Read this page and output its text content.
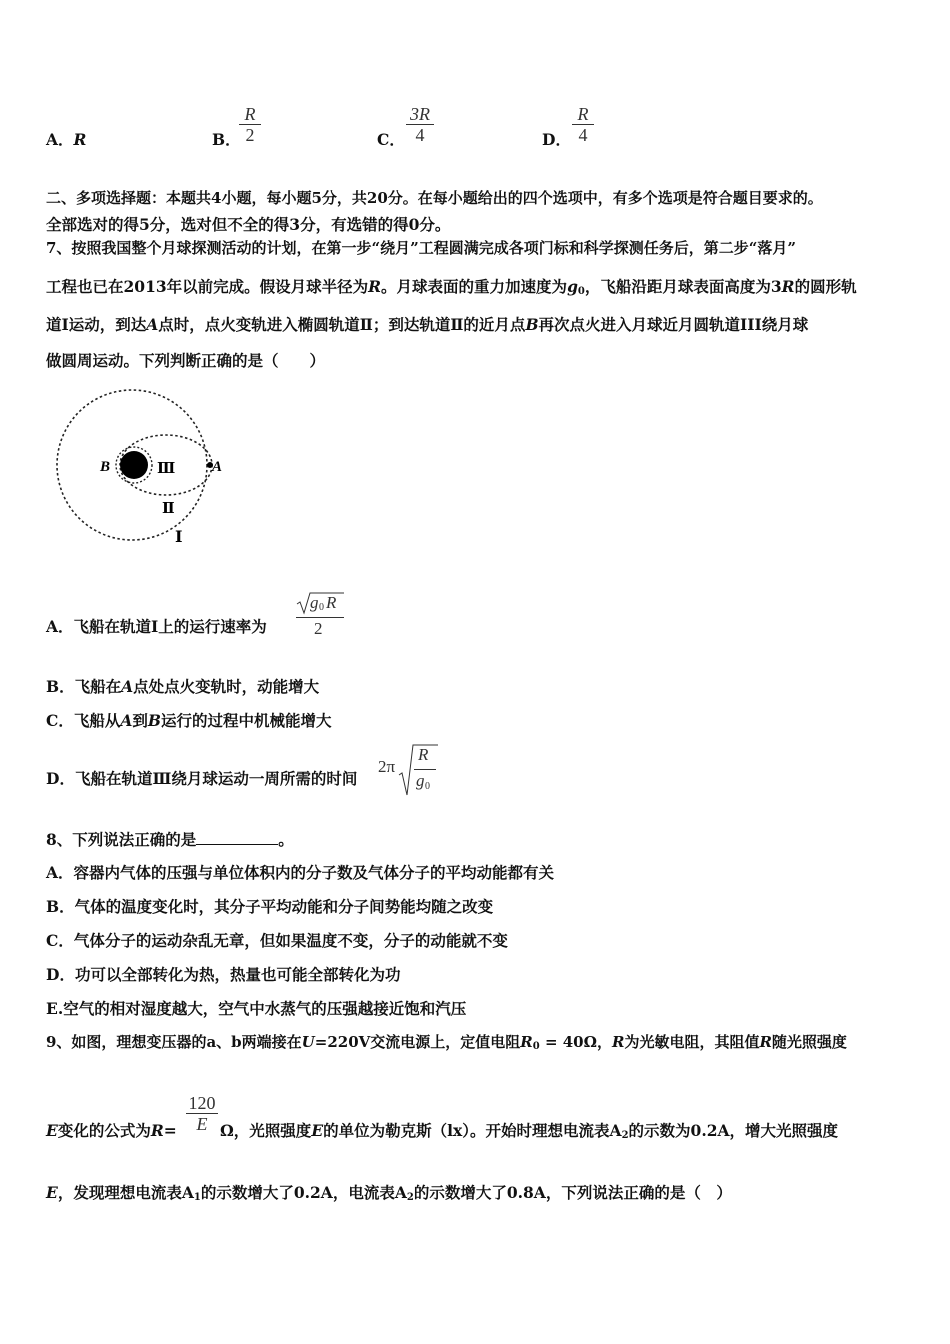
A．R	B．
$\frac{R}{2}$	C． $\frac{3R}{4}$	D． $\frac{R}{4}$
二、多项选择题：本题共4小题，每小题5分，共20分。在每小题给出的四个选项中，有多个选项是符合题目要求的。
全部选对的得5分，选对但不全的得3分，有选错的得0分。
7、按照我国整个月球探测活动的计划，在第一步“绕月”工程圆满完成各项门标和科学探测任务后，第二步“落月”
工程也已在2013年以前完成。假设月球半径为R。月球表面的重力加速度为$g_0$，飞船沿距月球表面高度为3R的圆形轨
道Ⅰ运动，到达A点时，点火变轨进入椭圆轨道Ⅱ；到达轨道Ⅱ的近月点B再次点火进入月球近月圆轨道III绕月球
做圆周运动。下列判断正确的是（　　）
B	A
Ⅲ
Ⅱ
Ⅰ
A．飞船在轨道Ⅰ上的运行速率为
g 0 R
2
B．飞船在A点处点火变轨时，动能增大
C．飞船从A到B运行的过程中机械能增大
D．飞船在轨道Ⅲ绕月球运动一周所需的时间
2π
R
g 0
8、下列说法正确的是	。
A．容器内气体的压强与单位体积内的分子数及气体分子的平均动能都有关
B．气体的温度变化时，其分子平均动能和分子间势能均随之改变
C．气体分子的运动杂乱无章，但如果温度不变，分子的动能就不变
D．功可以全部转化为热，热量也可能全部转化为功
E.空气的相对湿度越大，空气中水蒸气的压强越接近饱和汽压
9、如图，理想变压器的a、b两端接在U=220V交流电源上，定值电阻$R_0 = 40\Omega$，R为光敏电阻，其阻值R随光照强度
$\frac{120}{E}$
E变化的公式为R=	Ω，光照强度E的单位为勒克斯（lx）。开始时理想电流表$A_2$的示数为0.2A，增大光照强度
E，发现理想电流表$A_1$的示数增大了0.2A，电流表$A_2$的示数增大了0.8A，下列说法正确的是（　）
